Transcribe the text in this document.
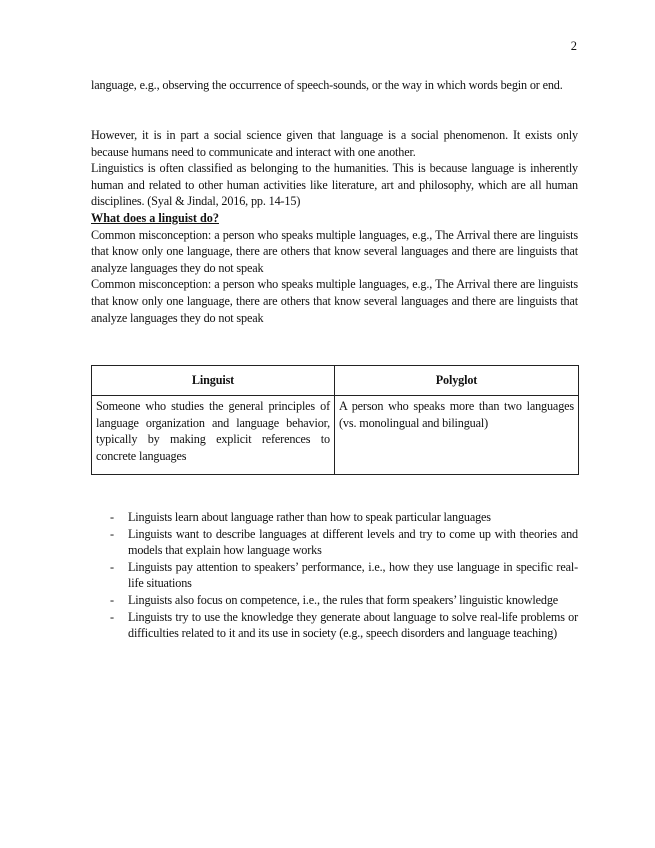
2

language, e.g., observing the occurrence of speech-sounds, or the way in which words begin or end.

However, it is in part a social science given that language is a social phenomenon. It exists only because humans need to communicate and interact with one another.

Linguistics is often classified as belonging to the humanities. This is because language is inherently human and related to other human activities like literature, art and philosophy, which are all human disciplines. (Syal & Jindal, 2016, pp. 14-15)

What does a linguist do?

Common misconception: a person who speaks multiple languages, e.g., The Arrival there are linguists that know only one language, there are others that know several languages and there are linguists that analyze languages they do not speak

Common misconception: a person who speaks multiple languages, e.g., The Arrival there are linguists that know only one language, there are others that know several languages and there are linguists that analyze languages they do not speak

Linguist	Polyglot
Someone who studies the general principles of language organization and language behavior, typically by making explicit references to concrete languages	A person who speaks more than two languages (vs. monolingual and bilingual)
- Linguists learn about language rather than how to speak particular languages
- Linguists want to describe languages at different levels and try to come up with theories and models that explain how language works
- Linguists pay attention to speakers’ performance, i.e., how they use language in specific real-life situations
- Linguists also focus on competence, i.e., the rules that form speakers’ linguistic knowledge
- Linguists try to use the knowledge they generate about language to solve real-life problems or difficulties related to it and its use in society (e.g., speech disorders and language teaching)
